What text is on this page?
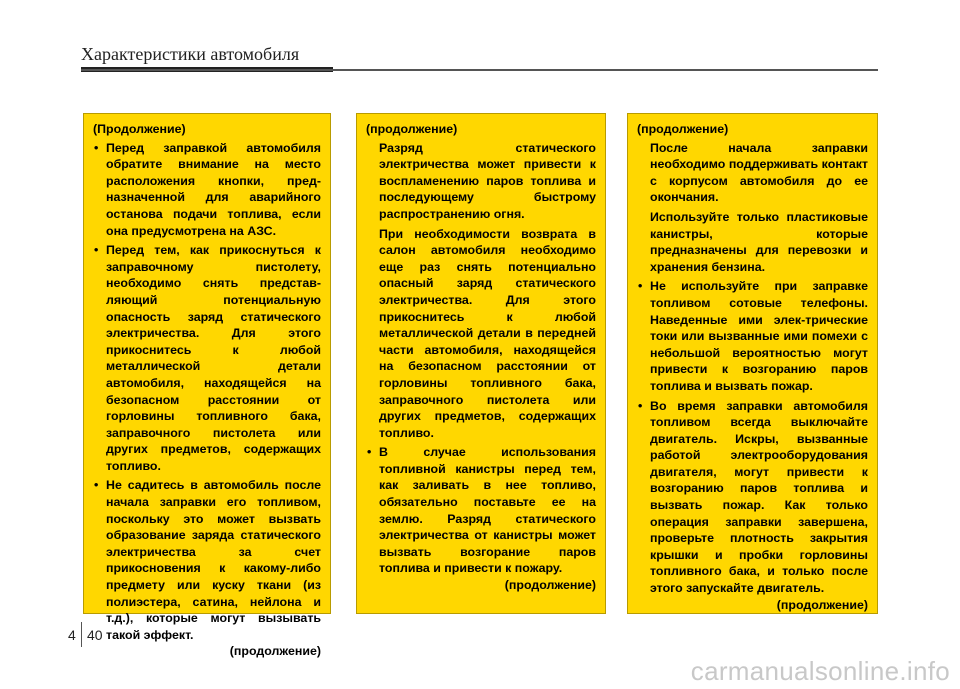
Характеристики автомобиля

(Продолжение)

• Перед заправкой автомобиля обратите внимание на место расположения кнопки, пред-назначенной для аварийного останова подачи топлива, если она предусмотрена на АЗС.

• Перед тем, как прикоснуться к заправочному пистолету, необходимо снять представ-ляющий потенциальную опасность заряд статического электричества. Для этого прикоснитесь к любой металлической детали автомобиля, находящейся на безопасном расстоянии от горловины топливного бака, заправочного пистолета или других предметов, содержащих топливо.

• Не садитесь в автомобиль после начала заправки его топливом, поскольку это может вызвать образование заряда статического электричества за счет прикосновения к какому-либо предмету или куску ткани (из полиэстера, сатина, нейлона и т.д.), которые могут вызывать такой эффект.

(продолжение)

(продолжение)

Разряд статического электричества может привести к воспламенению паров топлива и последующему быстрому распространению огня.

При необходимости возврата в салон автомобиля необходимо еще раз снять потенциально опасный заряд статического электричества. Для этого прикоснитесь к любой металлической детали в передней части автомобиля, находящейся на безопасном расстоянии от горловины топливного бака, заправочного пистолета или других предметов, содержащих топливо.

• В случае использования топливной канистры перед тем, как заливать в нее топливо, обязательно поставьте ее на землю. Разряд статического электричества от канистры может вызвать возгорание паров топлива и привести к пожару.

(продолжение)

(продолжение)

После начала заправки необходимо поддерживать контакт с корпусом автомобиля до ее окончания.

Используйте только пластиковые канистры, которые предназначены для перевозки и хранения бензина.

• Не используйте при заправке топливом сотовые телефоны. Наведенные ими элек-трические токи или вызванные ими помехи с небольшой вероятностью могут привести к возгоранию паров топлива и вызвать пожар.

• Во время заправки автомобиля топливом всегда выключайте двигатель. Искры, вызванные работой электрооборудования двигателя, могут привести к возгоранию паров топлива и вызвать пожар. Как только операция заправки завершена, проверьте плотность закрытия крышки и пробки горловины топливного бака, и только после этого запускайте двигатель.

(продолжение)

4 40
carmanualsonline.info
